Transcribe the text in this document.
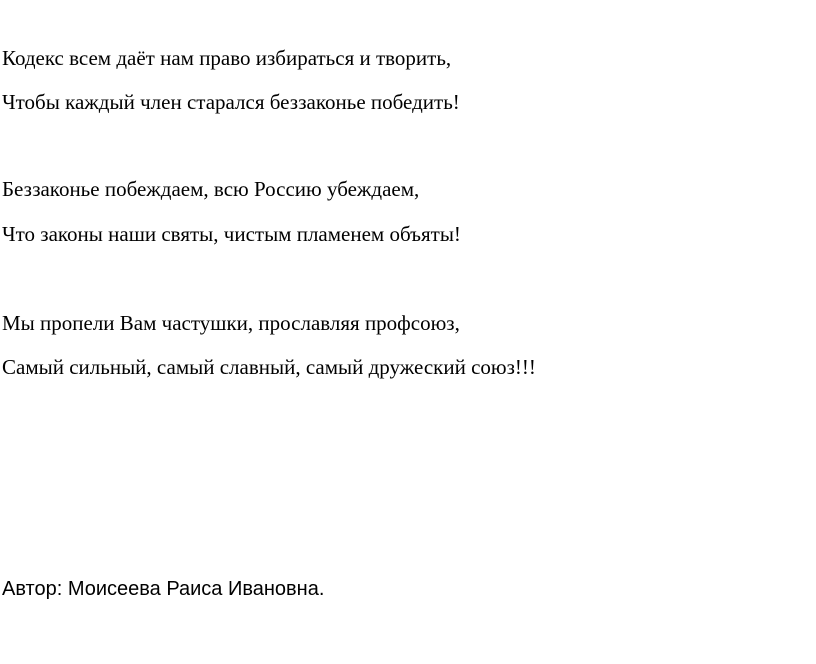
Кодекс всем даёт нам право избираться и творить,
Чтобы каждый член старался беззаконье победить!
Беззаконье побеждаем, всю Россию убеждаем,
Что законы наши святы, чистым пламенем объяты!
Мы пропели Вам частушки, прославляя профсоюз,
Самый сильный, самый славный, самый дружеский союз!!!
Автор: Моисеева Раиса Ивановна.
